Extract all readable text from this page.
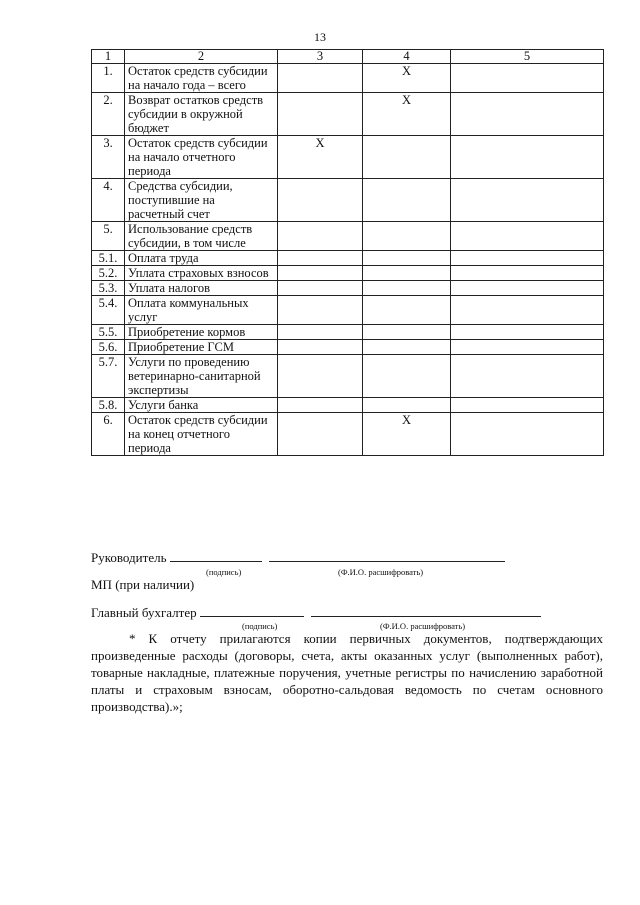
13
1	2	3	4	5
1.	Остаток средств субсидии на начало года – всего		X	
2.	Возврат остатков средств субсидии в окружной бюджет		X	
3.	Остаток средств субсидии на начало отчетного периода	X		
4.	Средства субсидии, поступившие на расчетный счет			
5.	Использование средств субсидии, в том числе			
5.1.	Оплата труда			
5.2.	Уплата страховых взносов			
5.3.	Уплата налогов			
5.4.	Оплата коммунальных услуг			
5.5.	Приобретение кормов			
5.6.	Приобретение ГСМ			
5.7.	Услуги по проведению ветеринарно-санитарной экспертизы			
5.8.	Услуги банка			
6.	Остаток средств субсидии на конец отчетного периода		X	
Руководитель
(подпись)	(Ф.И.О. расшифровать)
МП (при наличии)
Главный бухгалтер
(подпись)	(Ф.И.О. расшифровать)
* К отчету прилагаются копии первичных документов, подтверждающих произведенные расходы (договоры, счета, акты оказанных услуг (выполненных работ), товарные накладные, платежные поручения, учетные регистры по начислению заработной платы и страховым взносам, оборотно-сальдовая ведомость по счетам основного производства).»;
